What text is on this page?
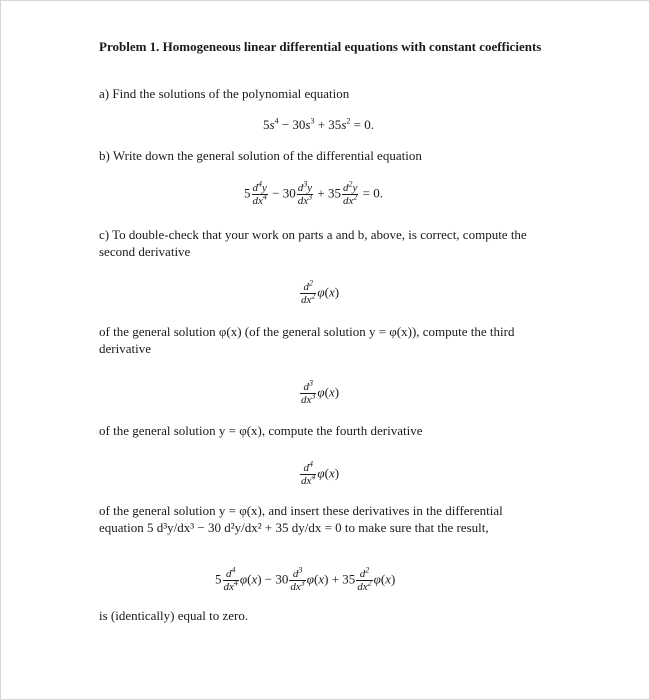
Problem 1. Homogeneous linear differential equations with constant coefficients
a) Find the solutions of the polynomial equation
$5s^4 - 30s^3 + 35s^2 = 0$.
b) Write down the general solution of the differential equation
$5 \frac{d^4y}{dx^4} - 30 \frac{d^3y}{dx^3} + 35 \frac{d^2y}{dx^2} = 0$.
c) To double-check that your work on parts a and b, above, is correct, compute the second derivative
$\frac{d^2}{dx^2} \varphi(x)$
of the general solution φ(x) (of the general solution y = φ(x)), compute the third derivative
$\frac{d^3}{dx^3} \varphi(x)$
of the general solution y = φ(x), compute the fourth derivative
$\frac{d^4}{dx^4} \varphi(x)$
of the general solution y = φ(x), and insert these derivatives in the differential equation 5 d³y/dx³ − 30 d²y/dx² + 35 dy/dx = 0 to make sure that the result,
$5 \frac{d^4}{dx^4} \varphi(x) - 30 \frac{d^3}{dx^3} \varphi(x) + 35 \frac{d^2}{dx^2} \varphi(x)$
is (identically) equal to zero.
